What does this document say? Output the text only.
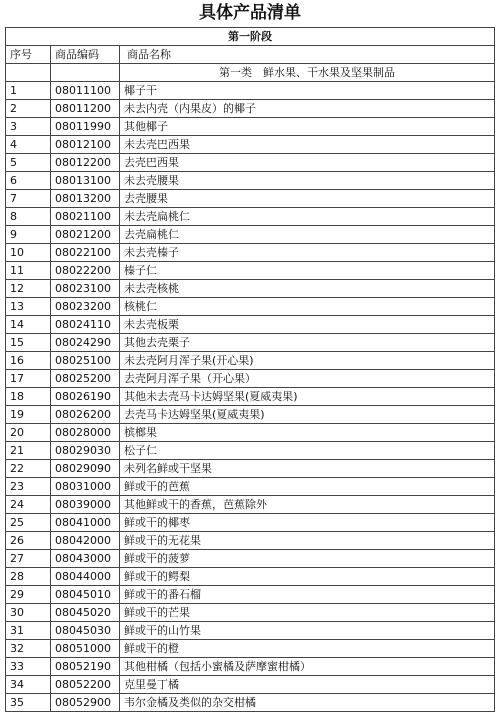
具体产品清单
第一阶段		
序号	商品编码	商品名称
		第一类　鲜水果、干水果及坚果制品
1	08011100	椰子干
2	08011200	未去内壳（内果皮）的椰子
3	08011990	其他椰子
4	08012100	未去壳巴西果
5	08012200	去壳巴西果
6	08013100	未去壳腰果
7	08013200	去壳腰果
8	08021100	未去壳扁桃仁
9	08021200	去壳扁桃仁
10	08022100	未去壳榛子
11	08022200	榛子仁
12	08023100	未去壳核桃
13	08023200	核桃仁
14	08024110	未去壳板栗
15	08024290	其他去壳栗子
16	08025100	未去壳阿月浑子果(开心果)
17	08025200	去壳阿月浑子果（开心果）
18	08026190	其他未去壳马卡达姆坚果(夏威夷果)
19	08026200	去壳马卡达姆坚果(夏威夷果)
20	08028000	槟榔果
21	08029030	松子仁
22	08029090	未列名鲜或干坚果
23	08031000	鲜或干的芭蕉
24	08039000	其他鲜或干的香蕉，芭蕉除外
25	08041000	鲜或干的椰枣
26	08042000	鲜或干的无花果
27	08043000	鲜或干的菠萝
28	08044000	鲜或干的鳄梨
29	08045010	鲜或干的番石榴
30	08045020	鲜或干的芒果
31	08045030	鲜或干的山竹果
32	08051000	鲜或干的橙
33	08052190	其他柑橘（包括小蜜橘及萨摩蜜柑橘）
34	08052200	克里曼丁橘
35	08052900	韦尔金橘及类似的杂交柑橘
